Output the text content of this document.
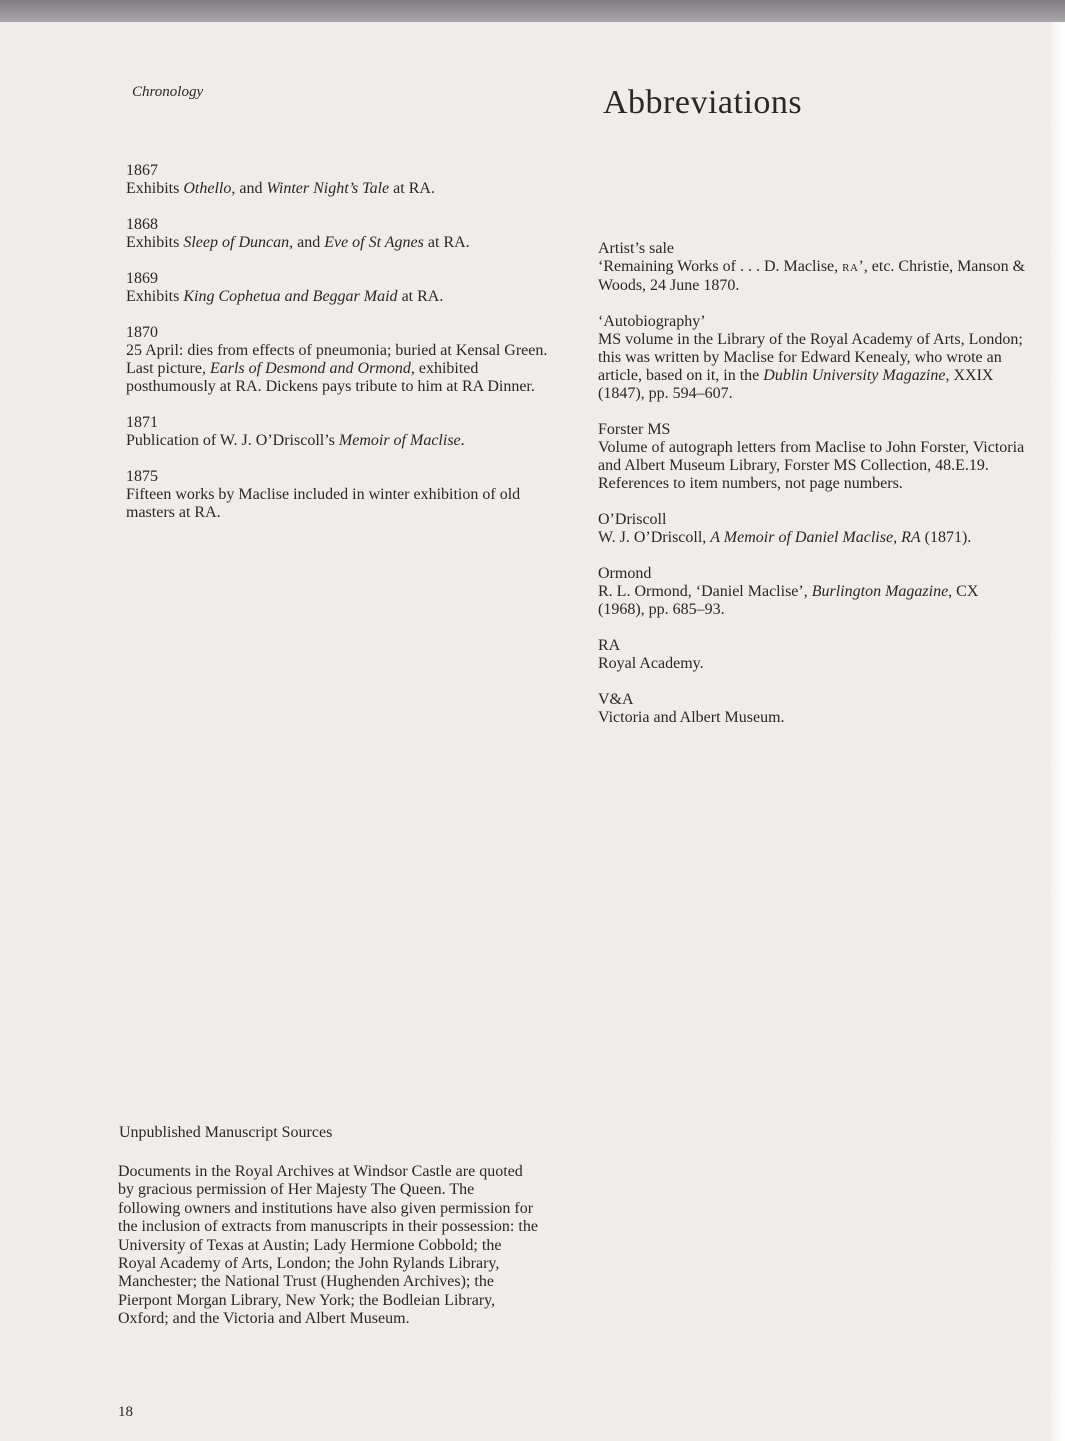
Chronology
1867
Exhibits Othello, and Winter Night’s Tale at RA.
1868
Exhibits Sleep of Duncan, and Eve of St Agnes at RA.
1869
Exhibits King Cophetua and Beggar Maid at RA.
1870
25 April: dies from effects of pneumonia; buried at Kensal Green. Last picture, Earls of Desmond and Ormond, exhibited posthumously at RA. Dickens pays tribute to him at RA Dinner.
1871
Publication of W. J. O’Driscoll’s Memoir of Maclise.
1875
Fifteen works by Maclise included in winter exhibition of old masters at RA.
Abbreviations
Artist’s sale
‘Remaining Works of . . . D. Maclise, RA’, etc. Christie, Manson & Woods, 24 June 1870.
‘Autobiography’
MS volume in the Library of the Royal Academy of Arts, London; this was written by Maclise for Edward Kenealy, who wrote an article, based on it, in the Dublin University Magazine, XXIX (1847), pp. 594–607.
Forster MS
Volume of autograph letters from Maclise to John Forster, Victoria and Albert Museum Library, Forster MS Collection, 48.E.19. References to item numbers, not page numbers.
O’Driscoll
W. J. O’Driscoll, A Memoir of Daniel Maclise, RA (1871).
Ormond
R. L. Ormond, ‘Daniel Maclise’, Burlington Magazine, CX (1968), pp. 685–93.
RA
Royal Academy.
V&A
Victoria and Albert Museum.
Unpublished Manuscript Sources
Documents in the Royal Archives at Windsor Castle are quoted by gracious permission of Her Majesty The Queen. The following owners and institutions have also given permission for the inclusion of extracts from manuscripts in their possession: the University of Texas at Austin; Lady Hermione Cobbold; the Royal Academy of Arts, London; the John Rylands Library, Manchester; the National Trust (Hughenden Archives); the Pierpont Morgan Library, New York; the Bodleian Library, Oxford; and the Victoria and Albert Museum.
18
